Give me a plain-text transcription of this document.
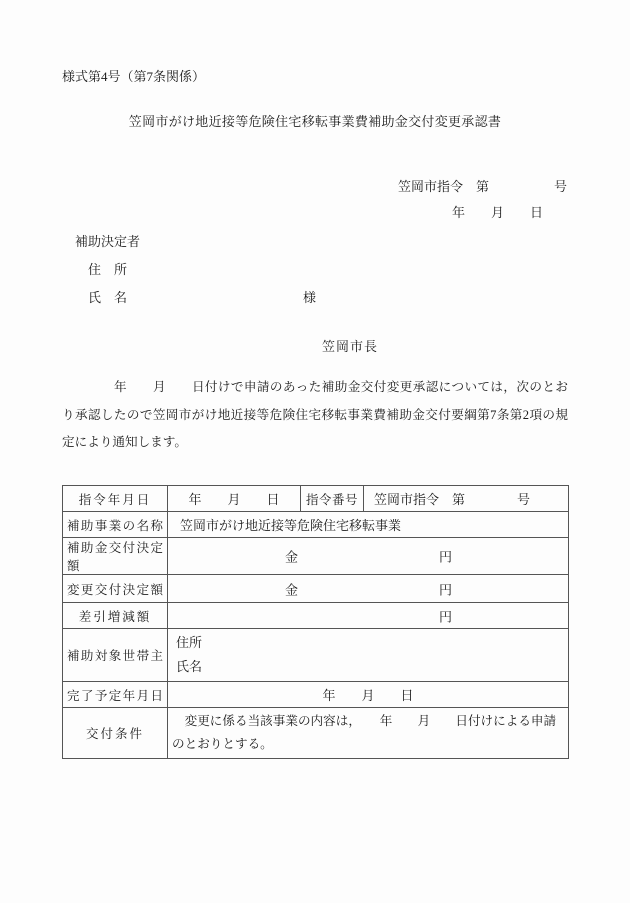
様式第4号（第7条関係）
笠岡市がけ地近接等危険住宅移転事業費補助金交付変更承認書
笠岡市指令　第　　　　　号
年　　月　　日
補助決定者
住　所
氏　名	様
笠岡市長
　　　　年　　月　　日付けで申請のあった補助金交付変更承認については，次のとお
り承認したので笠岡市がけ地近接等危険住宅移転事業費補助金交付要綱第7条第2項の規
定により通知します。
指令年月日	年　　月　　日	指令番号	笠岡市指令　第　　　　号
補助事業の名称	笠岡市がけ地近接等危険住宅移転事業		
補助金交付決定額	金 円		

変更交付決定額	金 円		

差引増減額	円		

補助対象世帯主	住所
氏名		

完了予定年月日	年　　月　　日		
交付条件	　変更に係る当該事業の内容は，　　年　　月　　日付けによる申請
のとおりとする。		
